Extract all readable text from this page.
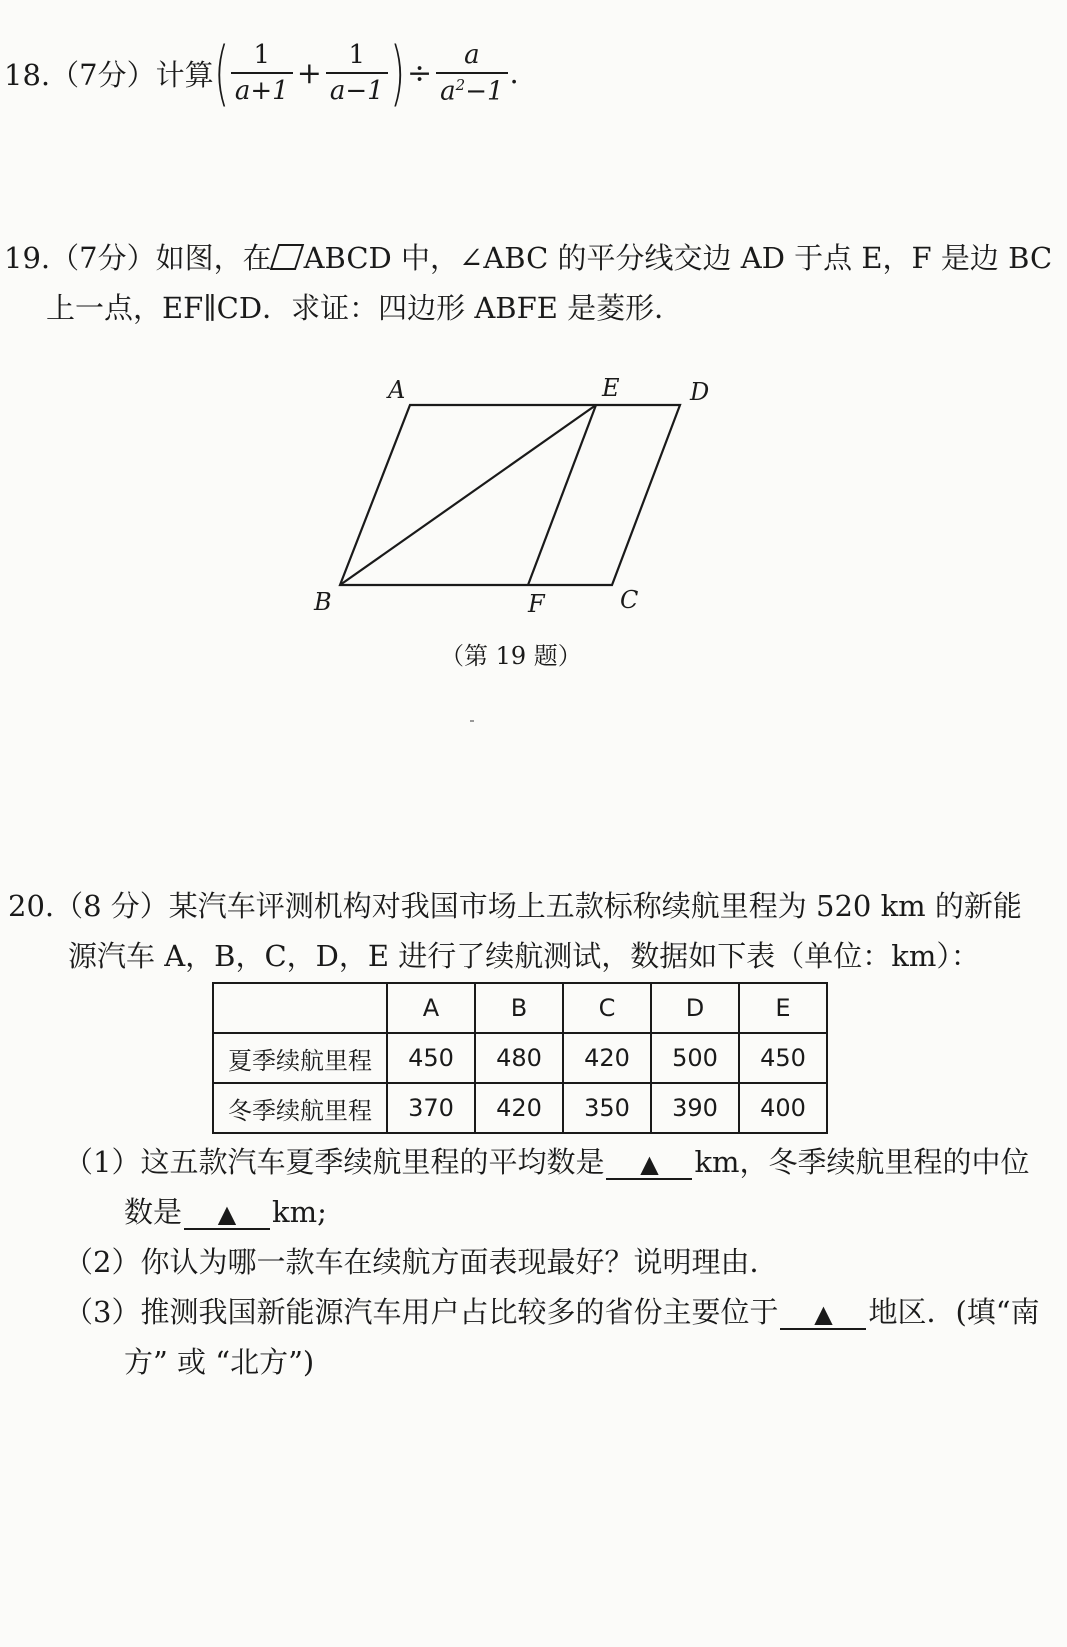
18.（7分）计算 ( $\frac{1}{a+1} + \frac{1}{a-1}$ ) ÷ $\frac{a}{a^2-1}$ .
19.（7分）如图，在 ABCD 中，∠ABC 的平分线交边 AD 于点 E，F 是边 BC
上一点，EF∥CD．求证：四边形 ABFE 是菱形．
A	E	D
B	F	C
（第 19 题）
20.（8 分）某汽车评测机构对我国市场上五款标称续航里程为 520 km 的新能
源汽车 A，B，C，D，E 进行了续航测试，数据如下表（单位：km）：
	A	B	C	D	E
夏季续航里程	450	480	420	500	450
冬季续航里程	370	420	350	390	400
（1）这五款汽车夏季续航里程的平均数是 ▲ km，冬季续航里程的中位
数是 ▲ km;
（2）你认为哪一款车在续航方面表现最好？说明理由．
（3）推测我国新能源汽车用户占比较多的省份主要位于 ▲ 地区．(填“南
方” 或 “北方”)
